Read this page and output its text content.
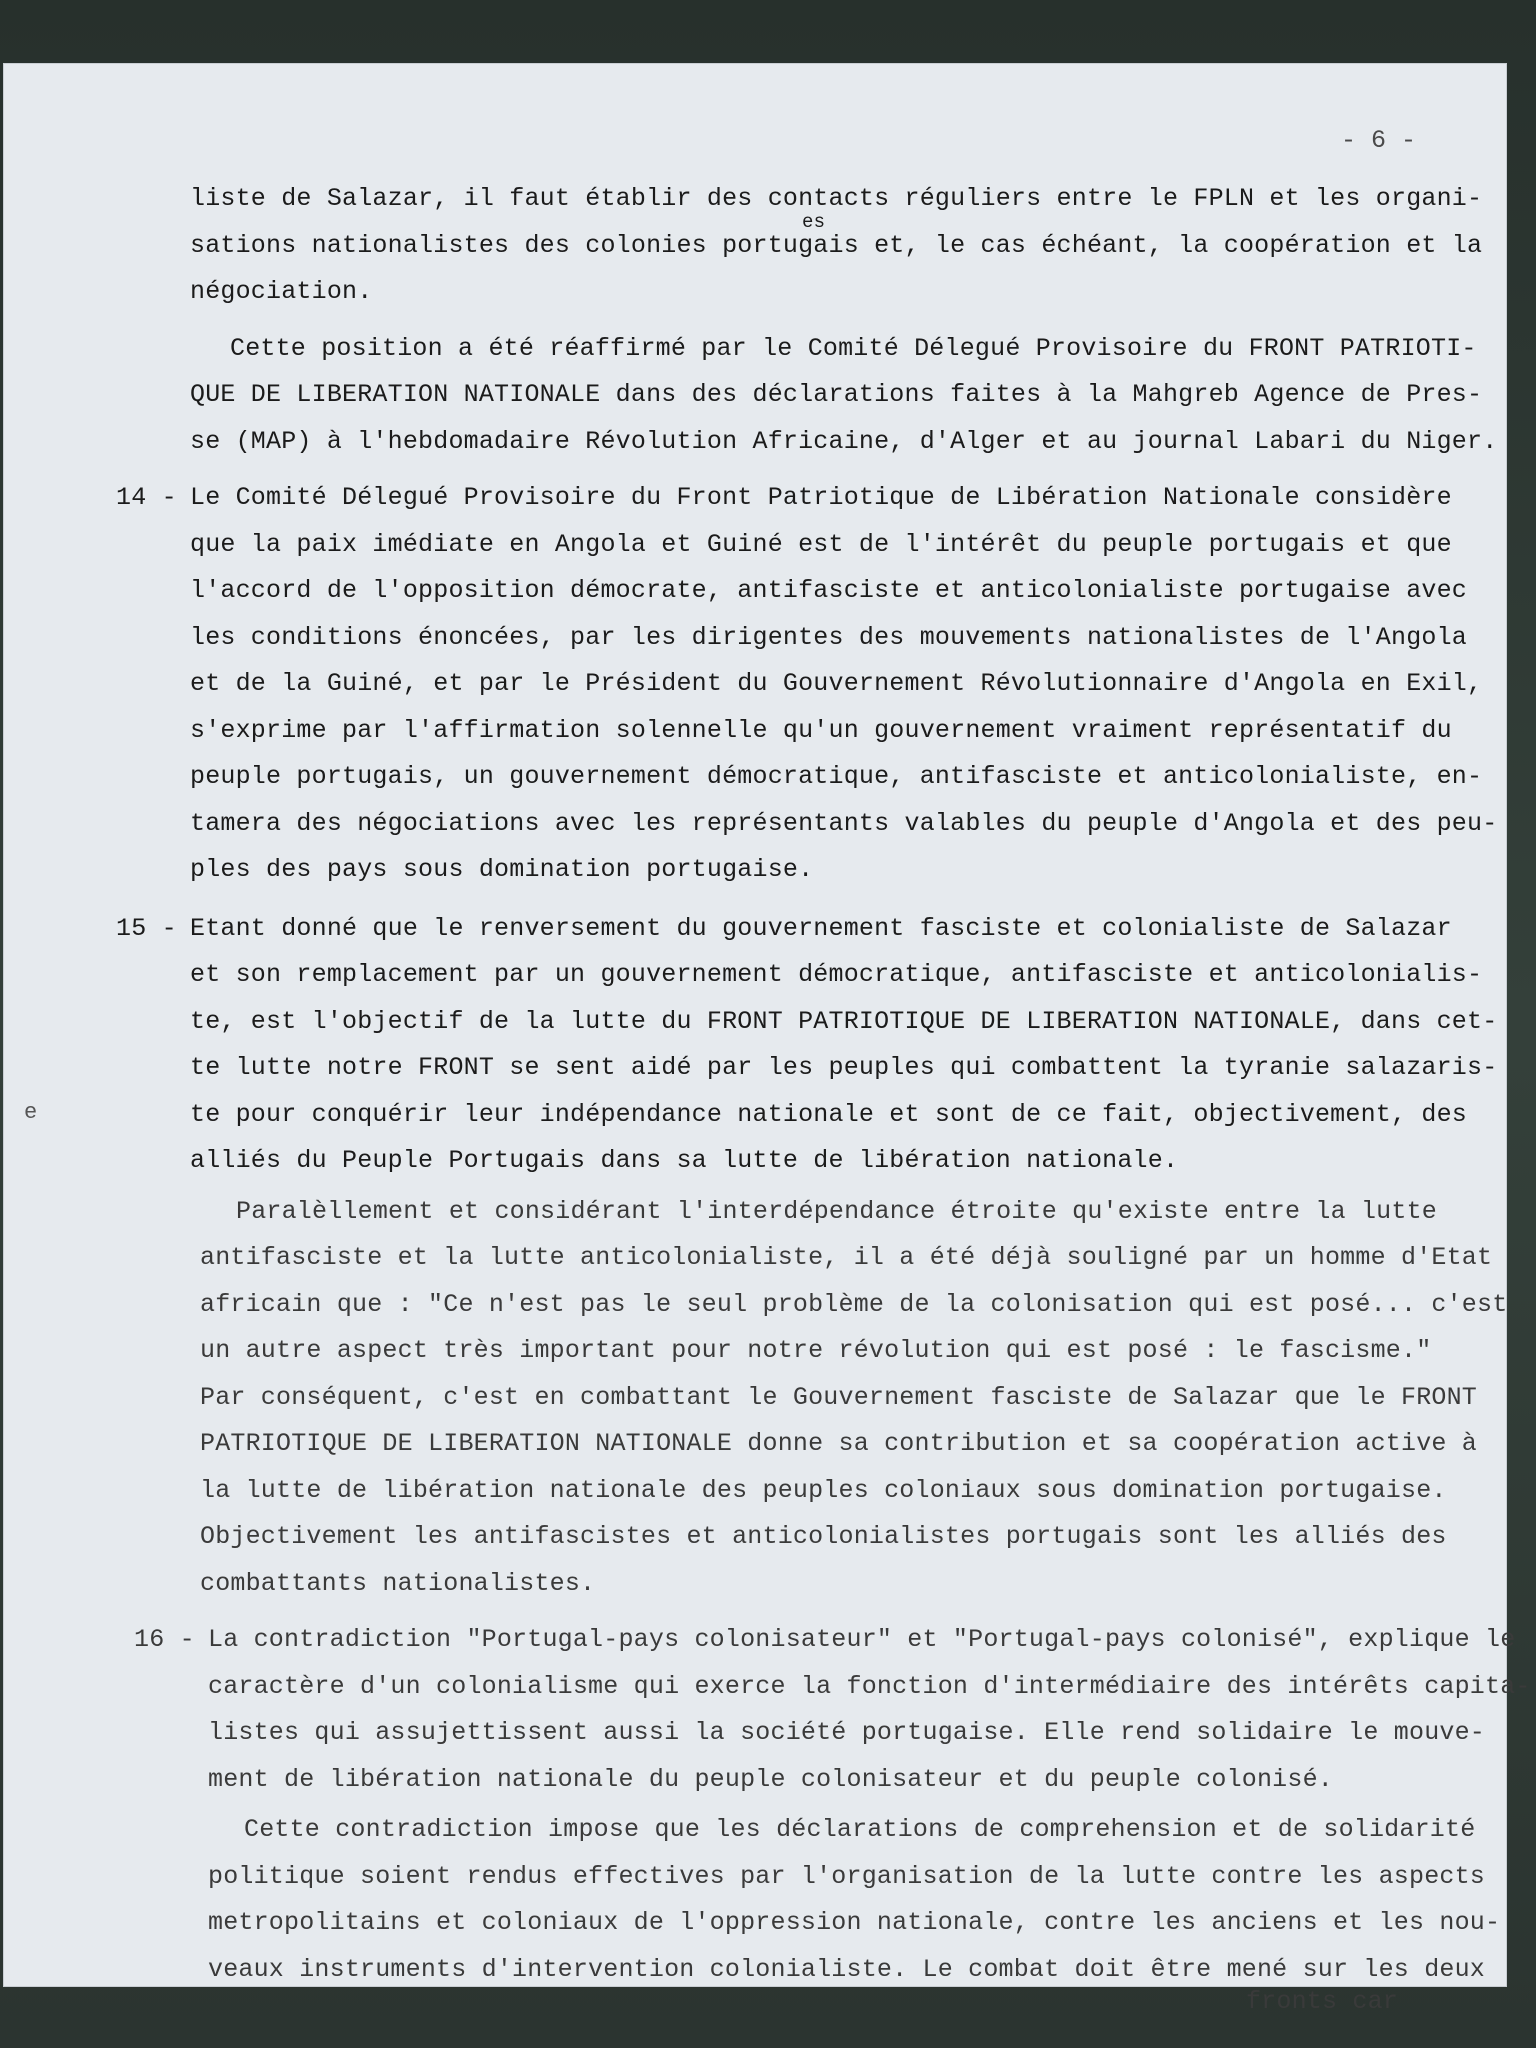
- 6 -
liste de Salazar, il faut établir des contacts réguliers entre le FPLN et les organi-
sations nationalistes des colonies portugais et, le cas échéant, la coopération et la
es
négociation.
Cette position a été réaffirmé par le Comité Délegué Provisoire du FRONT PATRIOTI-
QUE DE LIBERATION NATIONALE dans des déclarations faites à la Mahgreb Agence de Pres-
se (MAP) à l'hebdomadaire Révolution Africaine, d'Alger et au journal Labari du Niger.
14 - Le Comité Délegué Provisoire du Front Patriotique de Libération Nationale considère
que la paix imédiate en Angola et Guiné est de l'intérêt du peuple portugais et que
l'accord de l'opposition démocrate, antifasciste et anticolonialiste portugaise avec
les conditions énoncées, par les dirigentes des mouvements nationalistes de l'Angola
et de la Guiné, et par le Président du Gouvernement Révolutionnaire d'Angola en Exil,
s'exprime par l'affirmation solennelle qu'un gouvernement vraiment représentatif du
peuple portugais, un gouvernement démocratique, antifasciste et anticolonialiste, en-
tamera des négociations avec les représentants valables du peuple d'Angola et des peu-
ples des pays sous domination portugaise.
15 - Etant donné que le renversement du gouvernement fasciste et colonialiste de Salazar
et son remplacement par un gouvernement démocratique, antifasciste et anticolonialis-
te, est l'objectif de la lutte du FRONT PATRIOTIQUE DE LIBERATION NATIONALE, dans cet-
te lutte notre FRONT se sent aidé par les peuples qui combattent la tyranie salazaris-
te pour conquérir leur indépendance nationale et sont de ce fait, objectivement, des
alliés du Peuple Portugais dans sa lutte de libération nationale.
Paralèllement et considérant l'interdépendance étroite qu'existe entre la lutte
antifasciste et la lutte anticolonialiste, il a été déjà souligné par un homme d'Etat
africain que : "Ce n'est pas le seul problème de la colonisation qui est posé... c'est
un autre aspect très important pour notre révolution qui est posé : le fascisme."
Par conséquent, c'est en combattant le Gouvernement fasciste de Salazar que le FRONT
PATRIOTIQUE DE LIBERATION NATIONALE donne sa contribution et sa coopération active à
la lutte de libération nationale des peuples coloniaux sous domination portugaise.
Objectivement les antifascistes et anticolonialistes portugais sont les alliés des
combattants nationalistes.
16 - La contradiction "Portugal-pays colonisateur" et "Portugal-pays colonisé", explique le
caractère d'un colonialisme qui exerce la fonction d'intermédiaire des intérêts capita-
listes qui assujettissent aussi la société portugaise. Elle rend solidaire le mouve-
ment de libération nationale du peuple colonisateur et du peuple colonisé.
Cette contradiction impose que les déclarations de comprehension et de solidarité
politique soient rendus effectives par l'organisation de la lutte contre les aspects
metropolitains et coloniaux de l'oppression nationale, contre les anciens et les nou-
veaux instruments d'intervention colonialiste. Le combat doit être mené sur les deux
fronts car
e
